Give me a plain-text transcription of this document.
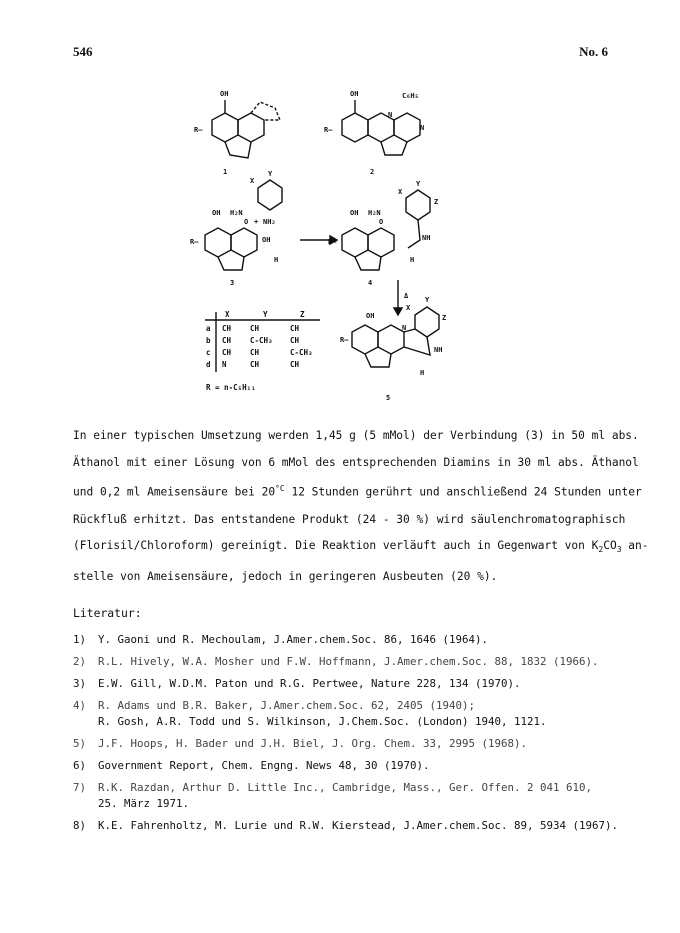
546	No. 6
1	2
3	4
5
OH
R—
OH
R—
C₆H₅
N
N
OH H₂N
+ NH₂
O
OH
H
Y
X
R—
OH H₂N
O
NH
H
Y
X
Z
R—
R—
OH
N
NH
H
Y
X
Z
Δ
X	Y	Z
a CH	CH	CH
b CH	C-CH₃ CH
c CH	CH	C-CH₃
d N	CH	CH
R = n-C₅H₁₁
In einer typischen Umsetzung werden 1,45 g (5 mMol) der Verbindung (3) in 50 ml abs.
Äthanol mit einer Lösung von 6 mMol des entsprechenden Diamins in 30 ml abs. Äthanol
und 0,2 ml Ameisensäure bei $20^{^\circ C}$ 12 Stunden gerührt und anschließend 24 Stunden unter
Rückfluß erhitzt. Das entstandene Produkt (24 - 30 %) wird säulenchromatographisch
(Florisil/Chloroform) gereinigt. Die Reaktion verläuft auch in Gegenwart von $K_2CO_3$ an-
stelle von Ameisensäure, jedoch in geringeren Ausbeuten (20 %).
Literatur:
1) Y. Gaoni und R. Mechoulam, J.Amer.chem.Soc. 86, 1646 (1964).
2) R.L. Hively, W.A. Mosher und F.W. Hoffmann, J.Amer.chem.Soc. 88, 1832 (1966).
3) E.W. Gill, W.D.M. Paton und R.G. Pertwee, Nature 228, 134 (1970).
4) R. Adams und B.R. Baker, J.Amer.chem.Soc. 62, 2405 (1940);
R. Gosh, A.R. Todd und S. Wilkinson, J.Chem.Soc. (London) 1940, 1121.
5) J.F. Hoops, H. Bader und J.H. Biel, J. Org. Chem. 33, 2995 (1968).
6) Government Report, Chem. Engng. News 48, 30 (1970).
7) R.K. Razdan, Arthur D. Little Inc., Cambridge, Mass., Ger. Offen. 2 041 610,
25. März 1971.
8) K.E. Fahrenholtz, M. Lurie und R.W. Kierstead, J.Amer.chem.Soc. 89, 5934 (1967).
